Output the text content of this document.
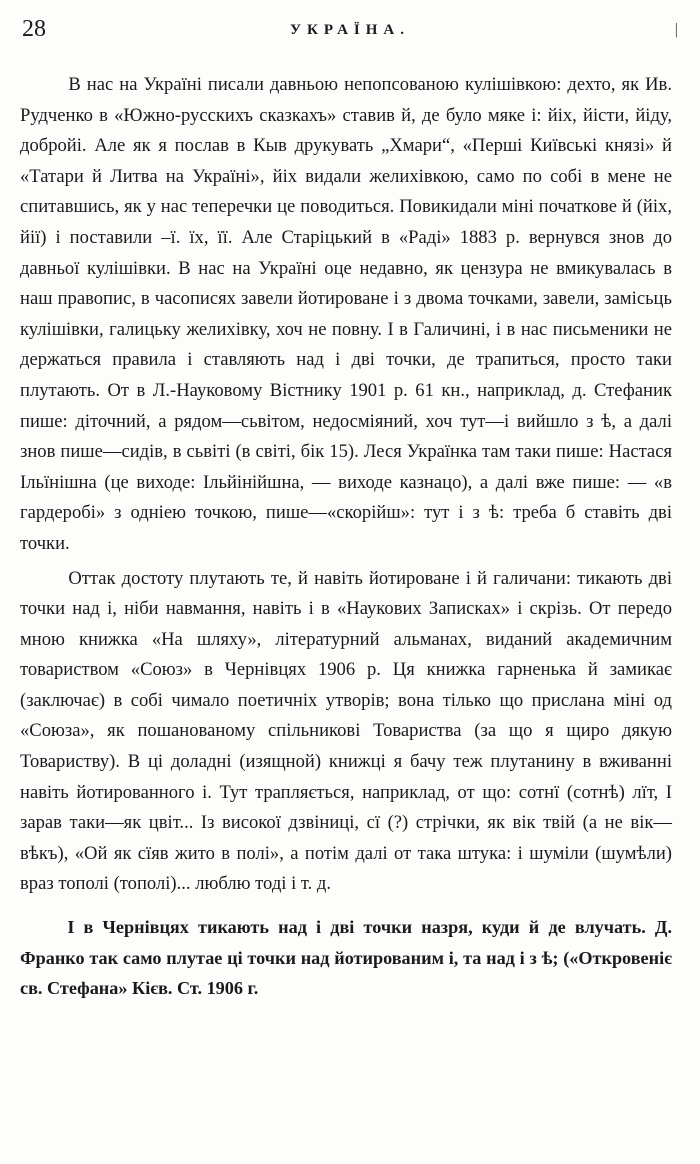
28	УКРАЇНА.	|

В нас на Україні писали давньою непопсованою кулішівкою: дехто, як Ив. Рудченко в «Южно-русскихъ сказкахъ» ставив й, де було мяке і: йіх, йісти, йіду, добройі. Але як я послав в Кыв друкувать „Хмари“, «Перші Київські князі» й «Татари й Литва на Україні», йіх видали желихівкою, само по собі в мене не спитавшись, як у нас теперечки це поводиться. Повикидали міні початкове й (йіх, йії) і поставили –ї. їх, її. Але Старіцький в «Раді» 1883 р. вернувся знов до давньої кулішівки. В нас на Україні оце недавно, як цензура не вмикувалась в наш правопис, в часописях завели йотироване і з двома точками, завели, замісьць кулішівки, галицьку желихівку, хоч не повну. І в Галичині, і в нас письменики не держаться правила і ставляють над і дві точки, де трапиться, просто таки плутають. От в Л.-Науковому Вістнику 1901 р. 61 кн., наприклад, д. Стефаник пише: діточний, а рядом—сьвітом, недосміяний, хоч тут—і вийшло з ѣ, а далі знов пише—сидів, в сьвіті (в світі, бік 15). Леся Українка там таки пише: Настася Ільїнішна (це виходе: Ільйінійшна, — виходе казнацо), а далі вже пише: — «в гардеробі» з одніею точкою, пише—«скорійш»: тут і з ѣ: треба б ставіть дві точки.

Оттак достоту плутають те, й навіть йотироване і й галичани: тикають дві точки над і, ніби навмання, навіть і в «Наукових Записках» і скрізь. От передо мною книжка «На шляху», літературний альманах, виданий академичним товариством «Союз» в Чернівцях 1906 р. Ця книжка гарненька й замикає (заключає) в собі чимало поетичніх утворів; вона тілько що прислана міні од «Союза», як пошанованому спільникові Товариства (за що я щиро дякую Товариству). В ці доладні (изящной) книжці я бачу теж плутанину в вживанні навіть йотированного і. Тут трапляється, наприклад, от що: сотнї (сотнѣ) лїт, І зарав таки—як цвіт... Із високої дзвіниці, сї (?) стрічки, як вік твій (а не вік—вѣкъ), «Ой як сїяв жито в полі», а потім далі от така штука: і шуміли (шумѣли) враз тополі (тополі)... люблю тоді і т. д.

І в Чернівцях тикають над і дві точки назря, куди й де влучать. Д. Франко так само плутае ці точки над йотированим і, та над і з ѣ; («Откровеніє св. Стефана» Кієв. Ст. 1906 г.
